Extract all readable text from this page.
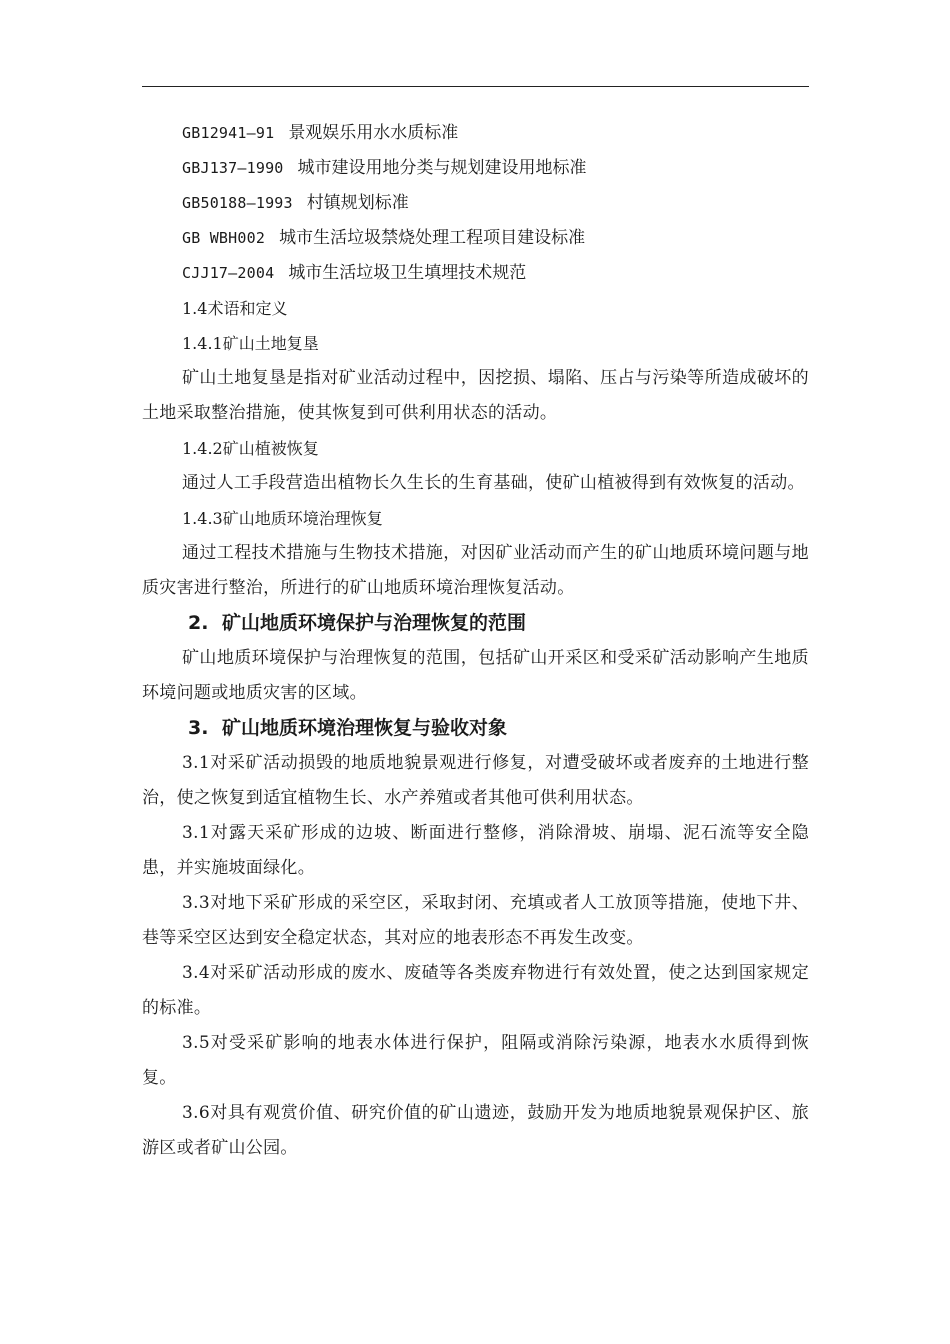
GB12941—91 景观娱乐用水水质标准
GBJ137—1990 城市建设用地分类与规划建设用地标准
GB50188—1993 村镇规划标准
GB WBH002 城市生活垃圾禁烧处理工程项目建设标准
CJJ17—2004 城市生活垃圾卫生填埋技术规范
1.4术语和定义
1.4.1矿山土地复垦

矿山土地复垦是指对矿业活动过程中，因挖损、塌陷、压占与污染等所造成破坏的土地采取整治措施，使其恢复到可供利用状态的活动。

1.4.2矿山植被恢复

通过人工手段营造出植物长久生长的生育基础，使矿山植被得到有效恢复的活动。

1.4.3矿山地质环境治理恢复

通过工程技术措施与生物技术措施，对因矿业活动而产生的矿山地质环境问题与地质灾害进行整治，所进行的矿山地质环境治理恢复活动。

2. 矿山地质环境保护与治理恢复的范围

矿山地质环境保护与治理恢复的范围，包括矿山开采区和受采矿活动影响产生地质环境问题或地质灾害的区域。

3. 矿山地质环境治理恢复与验收对象

3.1对采矿活动损毁的地质地貌景观进行修复，对遭受破坏或者废弃的土地进行整治，使之恢复到适宜植物生长、水产养殖或者其他可供利用状态。

3.1对露天采矿形成的边坡、断面进行整修，消除滑坡、崩塌、泥石流等安全隐患，并实施坡面绿化。

3.3对地下采矿形成的采空区，采取封闭、充填或者人工放顶等措施，使地下井、巷等采空区达到安全稳定状态，其对应的地表形态不再发生改变。

3.4对采矿活动形成的废水、废碴等各类废弃物进行有效处置，使之达到国家规定的标准。

3.5对受采矿影响的地表水体进行保护，阻隔或消除污染源，地表水水质得到恢复。

3.6对具有观赏价值、研究价值的矿山遗迹，鼓励开发为地质地貌景观保护区、旅游区或者矿山公园。
